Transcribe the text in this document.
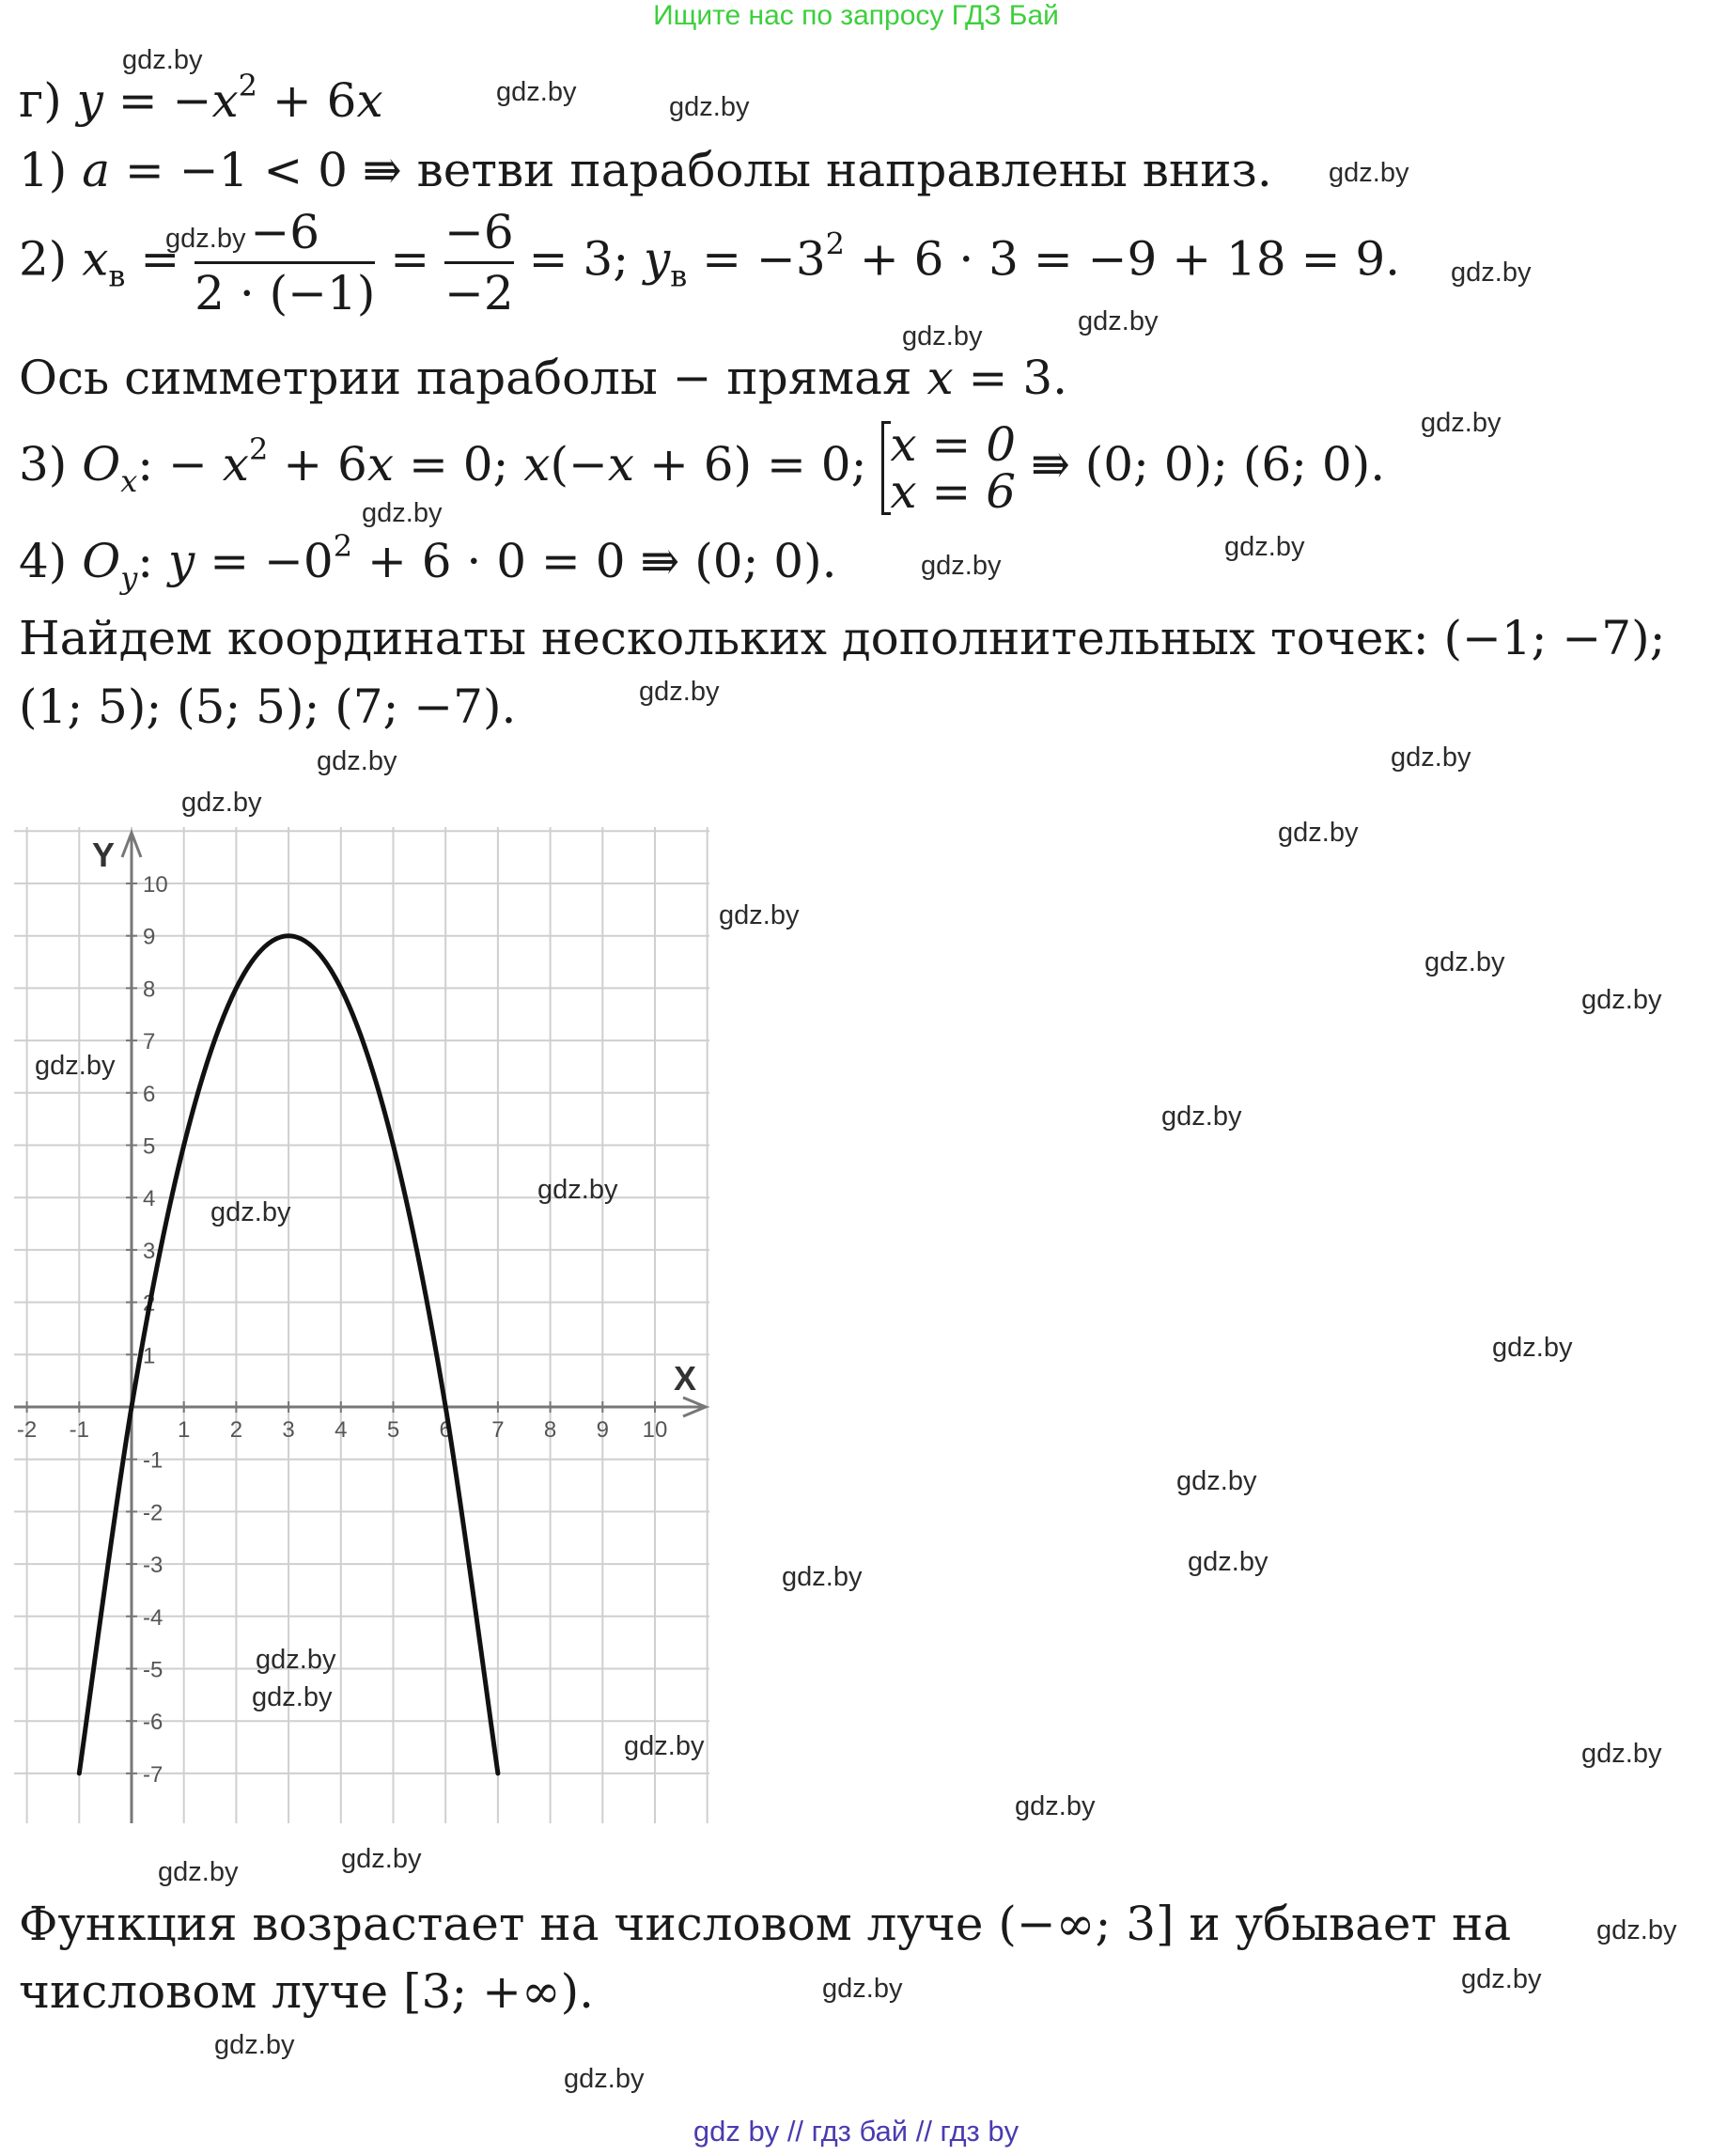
Ищите нас по запросу ГДЗ Бай
г) $y = -x^2 + 6x$
1) a = −1 < 0 ⇛ ветви параболы направлены вниз.
2) $x_в = \frac{-6}{2 \cdot (-1)} = \frac{-6}{-2} = 3$; $y_в = -3^2 + 6 \cdot 3 = -9 + 18 = 9$.
Ось симметрии параболы − прямая x = 3.
3) $O_x$: − $x^2 + 6x = 0$; x(−x + 6) = 0; x = 0
x = 6 ⇛ (0; 0); (6; 0).
4) $O_y$: $y = -0^2 + 6 \cdot 0 = 0$ ⇛ (0; 0).
Найдем координаты нескольких дополнительных точек: (−1; −7);
(1; 5); (5; 5); (7; −7).
-2 -1	1 2 3 4 5 6 7 8 9 10
10
9
8
7
6
5
4
3
2
1
-1
-2
-3
-4
-5
-6
-7
X
Y
Функция возрастает на числовом луче (−∞; 3] и убывает на
числовом луче [3; +∞).
gdz.by
gdz.by	gdz.by
gdz.by
gdz.by
gdz.by
gdz.by	gdz.by
gdz.by
gdz.by
gdz.by
gdz.by
gdz.by
gdz.by
gdz.by
gdz.by
gdz.by
gdz.by
gdz.by
gdz.by
gdz.by
gdz.by
gdz.by
gdz.by
gdz.by
gdz.by
gdz.by
gdz.by
gdz.by
gdz.by
gdz.by	gdz.by
gdz.by
gdz.by
gdz.by
gdz.by
gdz.by
gdz.by
gdz.by
gdz.by
gdz by // гдз бай // гдз by
